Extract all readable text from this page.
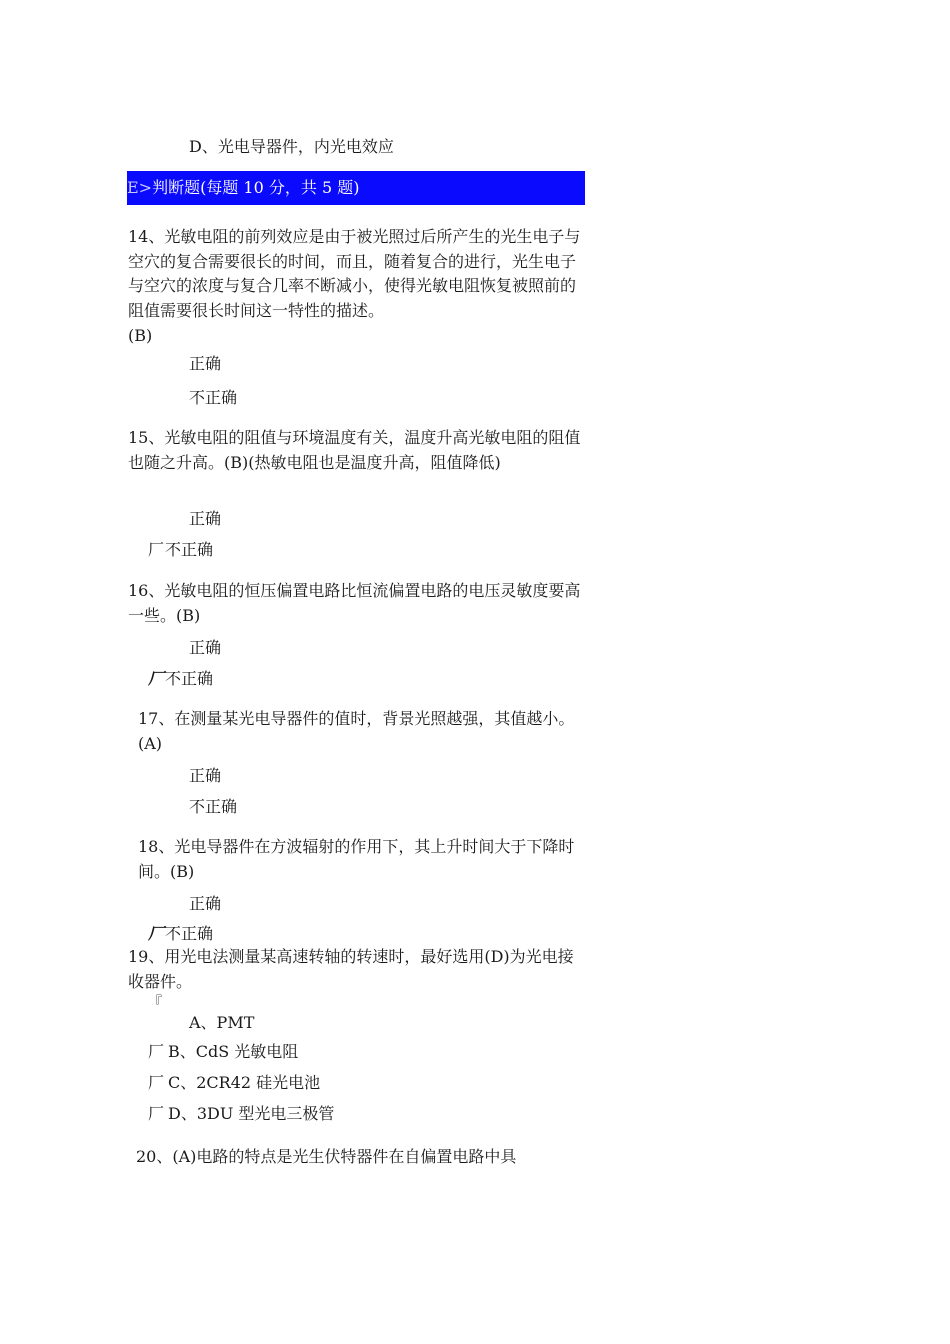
D、光电导器件，内光电效应
E>判断题(每题 10 分，共 5 题)
14、光敏电阻的前列效应是由于被光照过后所产生的光生电子与空穴的复合需要很长的时间，而且，随着复合的进行，光生电子与空穴的浓度与复合几率不断减小，使得光敏电阻恢复被照前的阻值需要很长时间这一特性的描述。
(B)
正确
不正确
15、光敏电阻的阻值与环境温度有关，温度升高光敏电阻的阻值也随之升高。(B)(热敏电阻也是温度升高，阻值降低)
正确
厂 不正确
16、光敏电阻的恒压偏置电路比恒流偏置电路的电压灵敏度要高一些。(B)
正确
厂 不正确
17、在测量某光电导器件的值时，背景光照越强，其值越小。(A)
正确
不正确
18、光电导器件在方波辐射的作用下，其上升时间大于下降时间。(B)
正确
厂 不正确
19、用光电法测量某高速转轴的转速时，最好选用(D)为光电接收器件。
『
A、PMT
厂 B、CdS 光敏电阻
厂 C、2CR42 硅光电池
厂 D、3DU 型光电三极管
20、(A)电路的特点是光生伏特器件在自偏置电路中具
